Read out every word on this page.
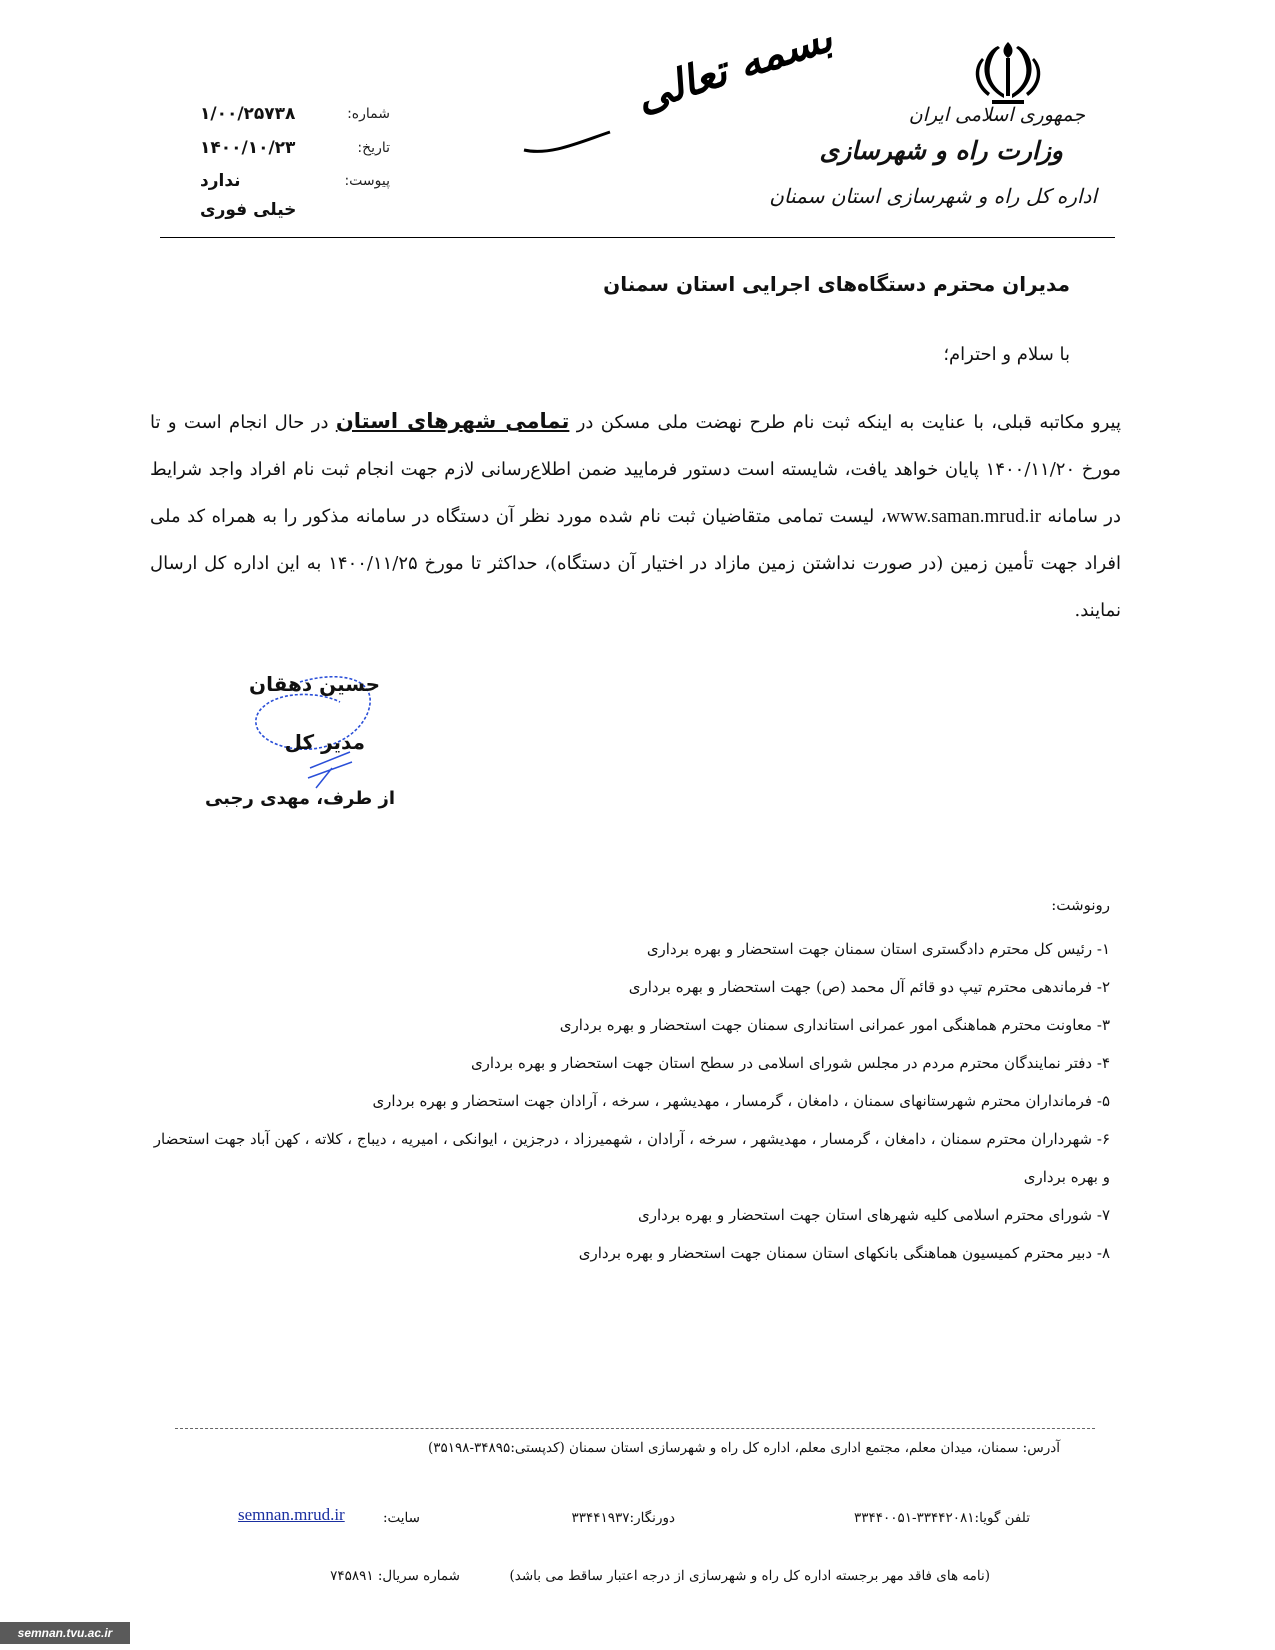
جمهوری اسلامی ایران
وزارت راه و شهرسازی
اداره کل راه و شهرسازی استان سمنان
بسمه تعالی
شماره:
۱/۰۰/۲۵۷۳۸
تاریخ:
۱۴۰۰/۱۰/۲۳
پیوست:
ندارد
خیلی فوری
مدیران محترم دستگاه‌های اجرایی استان سمنان
با سلام و احترام؛
پیرو مکاتبه قبلی، با عنایت به اینکه ثبت نام طرح نهضت ملی مسکن در تمامی شهرهای استان در حال انجام است و تا مورخ ۱۴۰۰/۱۱/۲۰ پایان خواهد یافت، شایسته است دستور فرمایید ضمن اطلاع‌رسانی لازم جهت انجام ثبت نام افراد واجد شرایط در سامانه www.saman.mrud.ir، لیست تمامی متقاضیان ثبت نام شده مورد نظر آن دستگاه در سامانه مذکور را به همراه کد ملی افراد جهت تأمین زمین (در صورت نداشتن زمین مازاد در اختیار آن دستگاه)، حداکثر تا مورخ ۱۴۰۰/۱۱/۲۵ به این اداره کل ارسال نمایند.
حسین دهقان
مدیر کل
از طرف، مهدی رجبی
رونوشت:
۱- رئیس کل محترم دادگستری استان سمنان جهت استحضار و بهره برداری
۲- فرماندهی محترم تیپ دو قائم آل محمد (ص) جهت استحضار و بهره برداری
۳- معاونت محترم هماهنگی امور عمرانی استانداری سمنان جهت استحضار و بهره برداری
۴- دفتر نمایندگان محترم مردم در مجلس شورای اسلامی در سطح استان جهت استحضار و بهره برداری
۵- فرمانداران محترم شهرستانهای سمنان ، دامغان ، گرمسار ، مهدیشهر ، سرخه ، آرادان جهت استحضار و بهره برداری
۶- شهرداران محترم سمنان ، دامغان ، گرمسار ، مهدیشهر ، سرخه ، آرادان ، شهمیرزاد ، درجزین ، ایوانکی ، امیریه ، دیباج ، کلاته ، کهن آباد جهت استحضار و بهره برداری
۷- شورای محترم اسلامی کلیه شهرهای استان جهت استحضار و بهره برداری
۸- دبیر محترم کمیسیون هماهنگی بانکهای استان سمنان جهت استحضار و بهره برداری
آدرس: سمنان، میدان معلم، مجتمع اداری معلم، اداره کل راه و شهرسازی استان سمنان (کدپستی:۳۴۸۹۵-۳۵۱۹۸)
تلفن گویا:۳۳۴۴۲۰۸۱-۳۳۴۴۰۰۵۱
دورنگار:۳۳۴۴۱۹۳۷
سایت:
semnan.mrud.ir
(نامه های فاقد مهر برجسته اداره کل راه و شهرسازی از درجه اعتبار ساقط می باشد)
شماره سریال: ۷۴۵۸۹۱
semnan.tvu.ac.ir
